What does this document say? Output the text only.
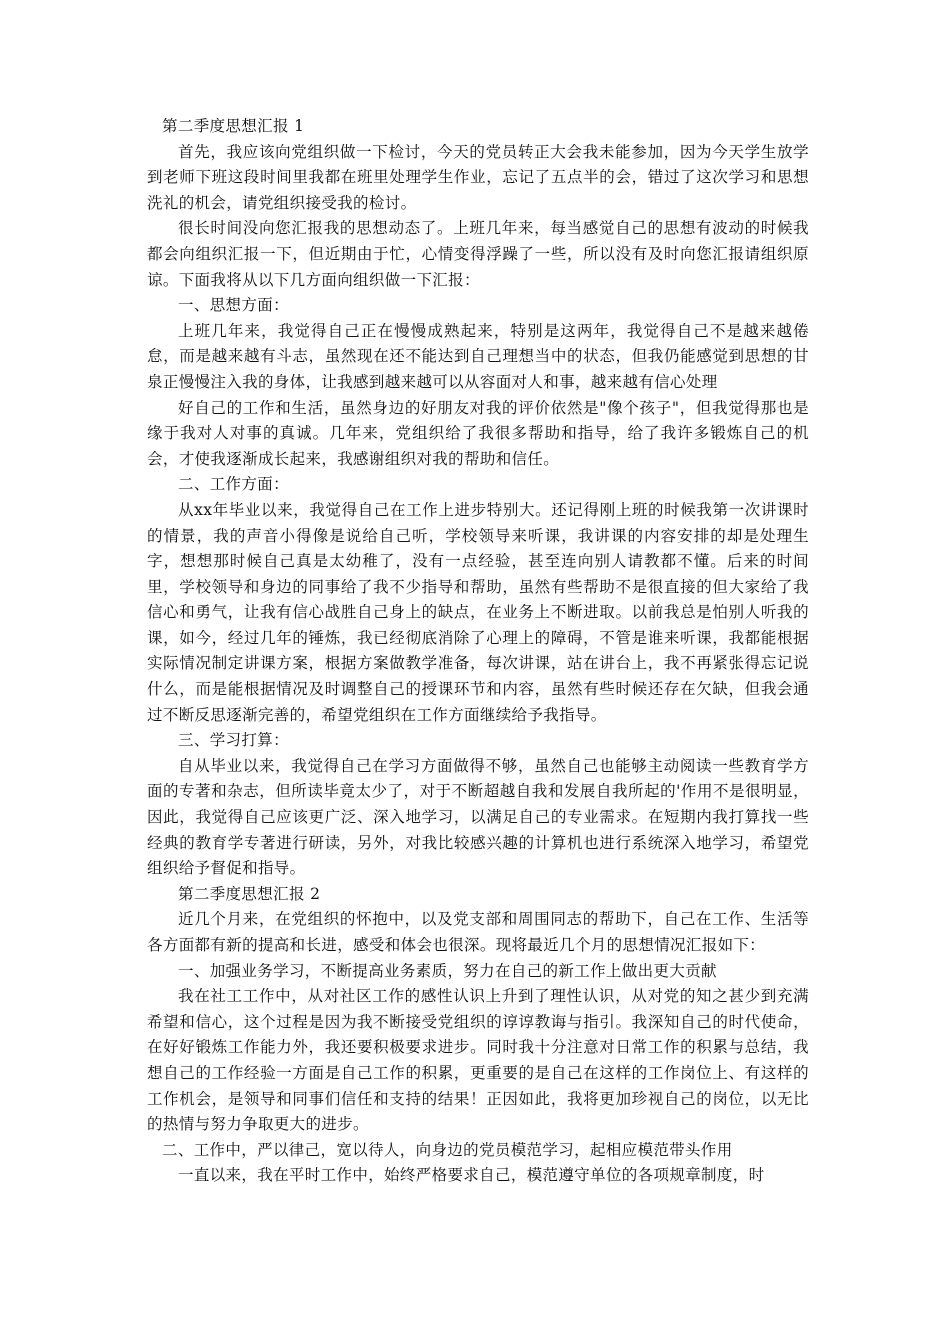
第二季度思想汇报 1

首先，我应该向党组织做一下检讨，今天的党员转正大会我未能参加，因为今天学生放学到老师下班这段时间里我都在班里处理学生作业，忘记了五点半的会，错过了这次学习和思想洗礼的机会，请党组织接受我的检讨。

很长时间没向您汇报我的思想动态了。上班几年来，每当感觉自己的思想有波动的时候我都会向组织汇报一下，但近期由于忙，心情变得浮躁了一些，所以没有及时向您汇报请组织原谅。下面我将从以下几方面向组织做一下汇报：

一、思想方面：

上班几年来，我觉得自己正在慢慢成熟起来，特别是这两年，我觉得自己不是越来越倦怠，而是越来越有斗志，虽然现在还不能达到自己理想当中的状态，但我仍能感觉到思想的甘泉正慢慢注入我的身体，让我感到越来越可以从容面对人和事，越来越有信心处理

好自己的工作和生活，虽然身边的好朋友对我的评价依然是"像个孩子"，但我觉得那也是缘于我对人对事的真诚。几年来，党组织给了我很多帮助和指导，给了我许多锻炼自己的机会，才使我逐渐成长起来，我感谢组织对我的帮助和信任。

二、工作方面：

从xx年毕业以来，我觉得自己在工作上进步特别大。还记得刚上班的时候我第一次讲课时的情景，我的声音小得像是说给自己听，学校领导来听课，我讲课的内容安排的却是处理生字，想想那时候自己真是太幼稚了，没有一点经验，甚至连向别人请教都不懂。后来的时间里，学校领导和身边的同事给了我不少指导和帮助，虽然有些帮助不是很直接的但大家给了我信心和勇气，让我有信心战胜自己身上的缺点，在业务上不断进取。以前我总是怕别人听我的课，如今，经过几年的锤炼，我已经彻底消除了心理上的障碍，不管是谁来听课，我都能根据实际情况制定讲课方案，根据方案做教学准备，每次讲课，站在讲台上，我不再紧张得忘记说什么，而是能根据情况及时调整自己的授课环节和内容，虽然有些时候还存在欠缺，但我会通过不断反思逐渐完善的，希望党组织在工作方面继续给予我指导。

三、学习打算：

自从毕业以来，我觉得自己在学习方面做得不够，虽然自己也能够主动阅读一些教育学方面的专著和杂志，但所读毕竟太少了，对于不断超越自我和发展自我所起的'作用不是很明显，因此，我觉得自己应该更广泛、深入地学习，以满足自己的专业需求。在短期内我打算找一些经典的教育学专著进行研读，另外，对我比较感兴趣的计算机也进行系统深入地学习，希望党组织给予督促和指导。

第二季度思想汇报 2

近几个月来，在党组织的怀抱中，以及党支部和周围同志的帮助下，自己在工作、生活等各方面都有新的提高和长进，感受和体会也很深。现将最近几个月的思想情况汇报如下：

一、加强业务学习，不断提高业务素质，努力在自己的新工作上做出更大贡献

我在社工工作中，从对社区工作的感性认识上升到了理性认识，从对党的知之甚少到充满希望和信心，这个过程是因为我不断接受党组织的谆谆教诲与指引。我深知自己的时代使命，在好好锻炼工作能力外，我还要积极要求进步。同时我十分注意对日常工作的积累与总结，我想自己的工作经验一方面是自己工作的积累，更重要的是自己在这样的工作岗位上、有这样的工作机会，是领导和同事们信任和支持的结果！正因如此，我将更加珍视自己的岗位，以无比的热情与努力争取更大的进步。

二、工作中，严以律己，宽以待人，向身边的党员模范学习，起相应模范带头作用

一直以来，我在平时工作中，始终严格要求自己，模范遵守单位的各项规章制度，时
